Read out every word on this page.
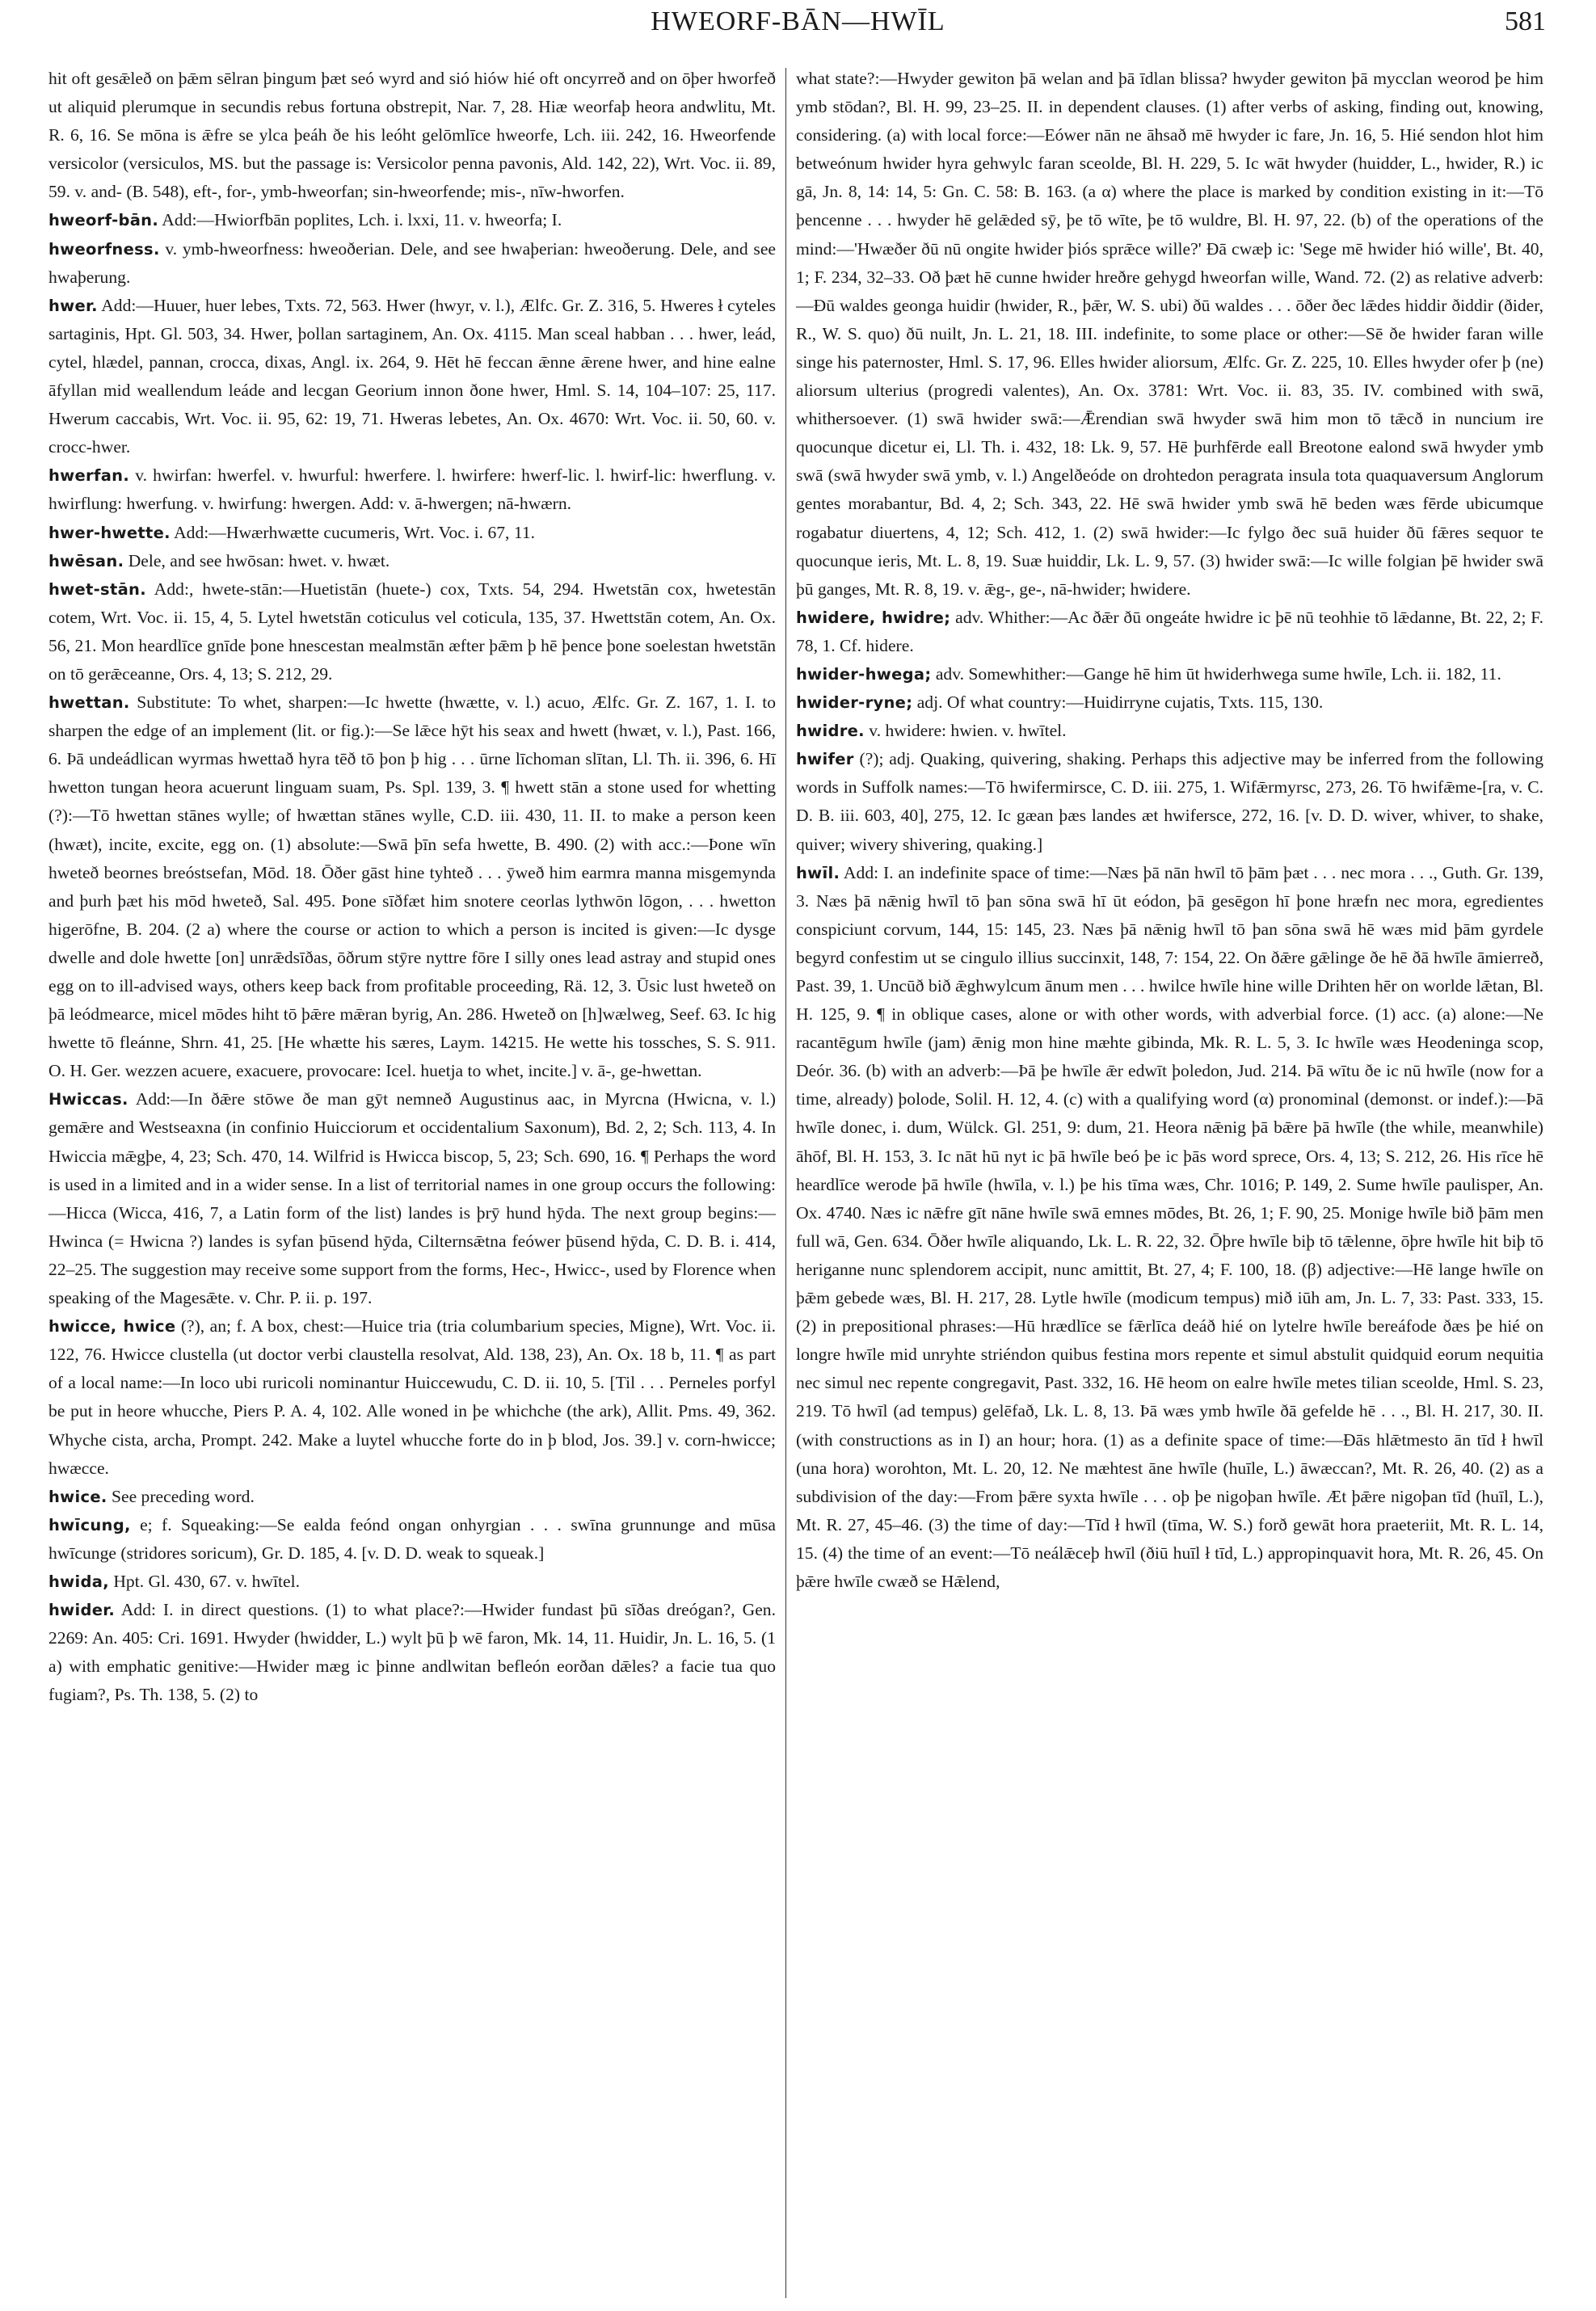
HWEORF-BĀN—HWĪL	581

hit oft gesǣleð on þǣm sēlran þingum þæt seó wyrd and sió hiów hié oft oncyrreð and on ōþer hworfeð ut aliquid plerumque in secundis rebus fortuna obstrepit, Nar. 7, 28. Hiæ weorfaþ heora andwlitu, Mt. R. 6, 16. Se mōna is ǣfre se ylca þeáh ðe his leóht gelōmlīce hweorfe, Lch. iii. 242, 16. Hweorfende versicolor (versiculos, MS. but the passage is: Versicolor penna pavonis, Ald. 142, 22), Wrt. Voc. ii. 89, 59. v. and- (B. 548), eft-, for-, ymb-hweorfan; sin-hweorfende; mis-, nīw-hworfen.

hweorf-bān. Add:—Hwiorfbān poplites, Lch. i. lxxi, 11. v. hweorfa; I.

hweorfness. v. ymb-hweorfness: hweoðerian. Dele, and see hwaþerian: hweoðerung. Dele, and see hwaþerung.

hwer. Add:—Huuer, huer lebes, Txts. 72, 563. Hwer (hwyr, v. l.), Ælfc. Gr. Z. 316, 5. Hweres ł cyteles sartaginis, Hpt. Gl. 503, 34. Hwer, þollan sartaginem, An. Ox. 4115. Man sceal habban . . . hwer, leád, cytel, hlædel, pannan, crocca, dixas, Angl. ix. 264, 9. Hēt hē feccan ǣnne ǣrene hwer, and hine ealne āfyllan mid weallendum leáde and lecgan Georium innon ðone hwer, Hml. S. 14, 104–107: 25, 117. Hwerum caccabis, Wrt. Voc. ii. 95, 62: 19, 71. Hweras lebetes, An. Ox. 4670: Wrt. Voc. ii. 50, 60. v. crocc-hwer.

hwerfan. v. hwirfan: hwerfel. v. hwurful: hwerfere. l. hwirfere: hwerf-lic. l. hwirf-lic: hwerflung. v. hwirflung: hwerfung. v. hwirfung: hwergen. Add: v. ā-hwergen; nā-hwærn.

hwer-hwette. Add:—Hwærhwætte cucumeris, Wrt. Voc. i. 67, 11.

hwēsan. Dele, and see hwōsan: hwet. v. hwæt.

hwet-stān. Add:, hwete-stān:—Huetistān (huete-) cox, Txts. 54, 294. Hwetstān cox, hwetestān cotem, Wrt. Voc. ii. 15, 4, 5. Lytel hwetstān coticulus vel coticula, 135, 37. Hwettstān cotem, An. Ox. 56, 21. Mon heardlīce gnīde þone hnescestan mealmstān æfter þǣm þ hē þence þone soelestan hwetstān on tō gerǣceanne, Ors. 4, 13; S. 212, 29.

hwettan. Substitute: To whet, sharpen:—Ic hwette (hwætte, v. l.) acuo, Ælfc. Gr. Z. 167, 1. I. to sharpen the edge of an implement (lit. or fig.):—Se lǣce hȳt his seax and hwett (hwæt, v. l.), Past. 166, 6. Þā undeádlican wyrmas hwettað hyra tēð tō þon þ hig . . . ūrne līchoman slītan, Ll. Th. ii. 396, 6. Hī hwetton tungan heora acuerunt linguam suam, Ps. Spl. 139, 3. ¶ hwett stān a stone used for whetting (?):—Tō hwettan stānes wylle; of hwættan stānes wylle, C.D. iii. 430, 11. II. to make a person keen (hwæt), incite, excite, egg on. (1) absolute:—Swā þīn sefa hwette, B. 490. (2) with acc.:—Þone wīn hweteð beornes breóstsefan, Mōd. 18. Ōðer gāst hine tyhteð . . . ȳweð him earmra manna misgemynda and þurh þæt his mōd hweteð, Sal. 495. Þone sīðfæt him snotere ceorlas lythwōn lōgon, . . . hwetton higerōfne, B. 204. (2 a) where the course or action to which a person is incited is given:—Ic dysge dwelle and dole hwette [on] unrǣdsīðas, ōðrum stȳre nyttre fōre I silly ones lead astray and stupid ones egg on to ill-advised ways, others keep back from profitable proceeding, Rä. 12, 3. Ūsic lust hweteð on þā leódmearce, micel mōdes hiht tō þǣre mǣran byrig, An. 286. Hweteð on [h]wælweg, Seef. 63. Ic hig hwette tō fleánne, Shrn. 41, 25. [He whætte his særes, Laym. 14215. He wette his tossches, S. S. 911. O. H. Ger. wezzen acuere, exacuere, provocare: Icel. huetja to whet, incite.] v. ā-, ge-hwettan.

Hwiccas. Add:—In ðǣre stōwe ðe man gȳt nemneð Augustinus aac, in Myrcna (Hwicna, v. l.) gemǣre and Westseaxna (in confinio Huicciorum et occidentalium Saxonum), Bd. 2, 2; Sch. 113, 4. In Hwiccia mǣgþe, 4, 23; Sch. 470, 14. Wilfrid is Hwicca biscop, 5, 23; Sch. 690, 16. ¶ Perhaps the word is used in a limited and in a wider sense. In a list of territorial names in one group occurs the following:—Hicca (Wicca, 416, 7, a Latin form of the list) landes is þrȳ hund hȳda. The next group begins:—Hwinca (= Hwicna ?) landes is syfan þūsend hȳda, Cilternsǣtna feówer þūsend hȳda, C. D. B. i. 414, 22–25. The suggestion may receive some support from the forms, Hec-, Hwicc-, used by Florence when speaking of the Magesǣte. v. Chr. P. ii. p. 197.

hwicce, hwice (?), an; f. A box, chest:—Huice tria (tria columbarium species, Migne), Wrt. Voc. ii. 122, 76. Hwicce clustella (ut doctor verbi claustella resolvat, Ald. 138, 23), An. Ox. 18 b, 11. ¶ as part of a local name:—In loco ubi ruricoli nominantur Huiccewudu, C. D. ii. 10, 5. [Til . . . Perneles porfyl be put in heore whucche, Piers P. A. 4, 102. Alle woned in þe whichche (the ark), Allit. Pms. 49, 362. Whyche cista, archa, Prompt. 242. Make a luytel whucche forte do in þ blod, Jos. 39.] v. corn-hwicce; hwæcce.

hwice. See preceding word.

hwīcung, e; f. Squeaking:—Se ealda feónd ongan onhyrgian . . . swīna grunnunge and mūsa hwīcunge (stridores soricum), Gr. D. 185, 4. [v. D. D. weak to squeak.]

hwida, Hpt. Gl. 430, 67. v. hwītel.

hwider. Add: I. in direct questions. (1) to what place?:—Hwider fundast þū sīðas dreógan?, Gen. 2269: An. 405: Cri. 1691. Hwyder (hwidder, L.) wylt þū þ wē faron, Mk. 14, 11. Huidir, Jn. L. 16, 5. (1 a) with emphatic genitive:—Hwider mæg ic þinne andlwitan befleón eorðan dǣles? a facie tua quo fugiam?, Ps. Th. 138, 5. (2) to

what state?:—Hwyder gewiton þā welan and þā īdlan blissa? hwyder gewiton þā mycclan weorod þe him ymb stōdan?, Bl. H. 99, 23–25. II. in dependent clauses. (1) after verbs of asking, finding out, knowing, considering. (a) with local force:—Eówer nān ne āhsað mē hwyder ic fare, Jn. 16, 5. Hié sendon hlot him betweónum hwider hyra gehwylc faran sceolde, Bl. H. 229, 5. Ic wāt hwyder (huidder, L., hwider, R.) ic gā, Jn. 8, 14: 14, 5: Gn. C. 58: B. 163. (a α) where the place is marked by condition existing in it:—Tō þencenne . . . hwyder hē gelǣded sȳ, þe tō wīte, þe tō wuldre, Bl. H. 97, 22. (b) of the operations of the mind:—'Hwæðer ðū nū ongite hwider þiós sprǣce wille?' Ðā cwæþ ic: 'Sege mē hwider hió wille', Bt. 40, 1; F. 234, 32–33. Oð þæt hē cunne hwider hreðre gehygd hweorfan wille, Wand. 72. (2) as relative adverb:—Ðū waldes geonga huidir (hwider, R., þǣr, W. S. ubi) ðū waldes . . . ōðer ðec lǣdes hiddir ðiddir (ðider, R., W. S. quo) ðū nuilt, Jn. L. 21, 18. III. indefinite, to some place or other:—Sē ðe hwider faran wille singe his paternoster, Hml. S. 17, 96. Elles hwider aliorsum, Ælfc. Gr. Z. 225, 10. Elles hwyder ofer þ (ne) aliorsum ulterius (progredi valentes), An. Ox. 3781: Wrt. Voc. ii. 83, 35. IV. combined with swā, whithersoever. (1) swā hwider swā:—Ǣrendian swā hwyder swā him mon tō tǣcð in nuncium ire quocunque dicetur ei, Ll. Th. i. 432, 18: Lk. 9, 57. Hē þurhfērde eall Breotone ealond swā hwyder ymb swā (swā hwyder swā ymb, v. l.) Angelðeóde on drohtedon peragrata insula tota quaquaversum Anglorum gentes morabantur, Bd. 4, 2; Sch. 343, 22. Hē swā hwider ymb swā hē beden wæs fērde ubicumque rogabatur diuertens, 4, 12; Sch. 412, 1. (2) swā hwider:—Ic fylgo ðec suā huider ðū fǣres sequor te quocunque ieris, Mt. L. 8, 19. Suæ huiddir, Lk. L. 9, 57. (3) hwider swā:—Ic wille folgian þē hwider swā þū ganges, Mt. R. 8, 19. v. ǣg-, ge-, nā-hwider; hwidere.

hwidere, hwidre; adv. Whither:—Ac ðǣr ðū ongeáte hwidre ic þē nū teohhie tō lǣdanne, Bt. 22, 2; F. 78, 1. Cf. hidere.

hwider-hwega; adv. Somewhither:—Gange hē him ūt hwiderhwega sume hwīle, Lch. ii. 182, 11.

hwider-ryne; adj. Of what country:—Huidirryne cujatis, Txts. 115, 130.

hwidre. v. hwidere: hwien. v. hwītel.

hwifer (?); adj. Quaking, quivering, shaking. Perhaps this adjective may be inferred from the following words in Suffolk names:—Tō hwifermirsce, C. D. iii. 275, 1. Wifǣrmyrsc, 273, 26. Tō hwifǣme-[ra, v. C. D. B. iii. 603, 40], 275, 12. Ic gæan þæs landes æt hwifersce, 272, 16. [v. D. D. wiver, whiver, to shake, quiver; wivery shivering, quaking.]

hwīl. Add: I. an indefinite space of time:—Næs þā nān hwīl tō þām þæt . . . nec mora . . ., Guth. Gr. 139, 3. Næs þā nǣnig hwīl tō þan sōna swā hī ūt eódon, þā gesēgon hī þone hræfn nec mora, egredientes conspiciunt corvum, 144, 15: 145, 23. Næs þā nǣnig hwīl tō þan sōna swā hē wæs mid þām gyrdele begyrd confestim ut se cingulo illius succinxit, 148, 7: 154, 22. On ðǣre gǣlinge ðe hē ðā hwīle āmierreð, Past. 39, 1. Uncūð bið ǣghwylcum ānum men . . . hwilce hwīle hine wille Drihten hēr on worlde lǣtan, Bl. H. 125, 9. ¶ in oblique cases, alone or with other words, with adverbial force. (1) acc. (a) alone:—Ne racantēgum hwīle (jam) ǣnig mon hine mæhte gibinda, Mk. R. L. 5, 3. Ic hwīle wæs Heodeninga scop, Deór. 36. (b) with an adverb:—Þā þe hwīle ǣr edwīt þoledon, Jud. 214. Þā wītu ðe ic nū hwīle (now for a time, already) þolode, Solil. H. 12, 4. (c) with a qualifying word (α) pronominal (demonst. or indef.):—Þā hwīle donec, i. dum, Wülck. Gl. 251, 9: dum, 21. Heora nǣnig þā bǣre þā hwīle (the while, meanwhile) āhōf, Bl. H. 153, 3. Ic nāt hū nyt ic þā hwīle beó þe ic þās word sprece, Ors. 4, 13; S. 212, 26. His rīce hē heardlīce werode þā hwīle (hwīla, v. l.) þe his tīma wæs, Chr. 1016; P. 149, 2. Sume hwīle paulisper, An. Ox. 4740. Næs ic nǣfre gīt nāne hwīle swā emnes mōdes, Bt. 26, 1; F. 90, 25. Monige hwīle bið þām men full wā, Gen. 634. Ōðer hwīle aliquando, Lk. L. R. 22, 32. Ōþre hwīle biþ tō tǣlenne, ōþre hwīle hit biþ tō heriganne nunc splendorem accipit, nunc amittit, Bt. 27, 4; F. 100, 18. (β) adjective:—Hē lange hwīle on þǣm gebede wæs, Bl. H. 217, 28. Lytle hwīle (modicum tempus) mið iūh am, Jn. L. 7, 33: Past. 333, 15. (2) in prepositional phrases:—Hū hrædlīce se fǣrlīca deáð hié on lytelre hwīle bereáfode ðæs þe hié on longre hwīle mid unryhte striéndon quibus festina mors repente et simul abstulit quidquid eorum nequitia nec simul nec repente congregavit, Past. 332, 16. Hē heom on ealre hwīle metes tilian sceolde, Hml. S. 23, 219. Tō hwīl (ad tempus) gelēfað, Lk. L. 8, 13. Þā wæs ymb hwīle ðā gefelde hē . . ., Bl. H. 217, 30. II. (with constructions as in I) an hour; hora. (1) as a definite space of time:—Ðās hlǣtmesto ān tīd ł hwīl (una hora) worohton, Mt. L. 20, 12. Ne mæhtest āne hwīle (huīle, L.) āwæccan?, Mt. R. 26, 40. (2) as a subdivision of the day:—From þǣre syxta hwīle . . . oþ þe nigoþan hwīle. Æt þǣre nigoþan tīd (huīl, L.), Mt. R. 27, 45–46. (3) the time of day:—Tīd ł hwīl (tīma, W. S.) forð gewāt hora praeteriit, Mt. R. L. 14, 15. (4) the time of an event:—Tō neálǣceþ hwīl (ðiū huīl ł tīd, L.) appropinquavit hora, Mt. R. 26, 45. On þǣre hwīle cwæð se Hǣlend,
